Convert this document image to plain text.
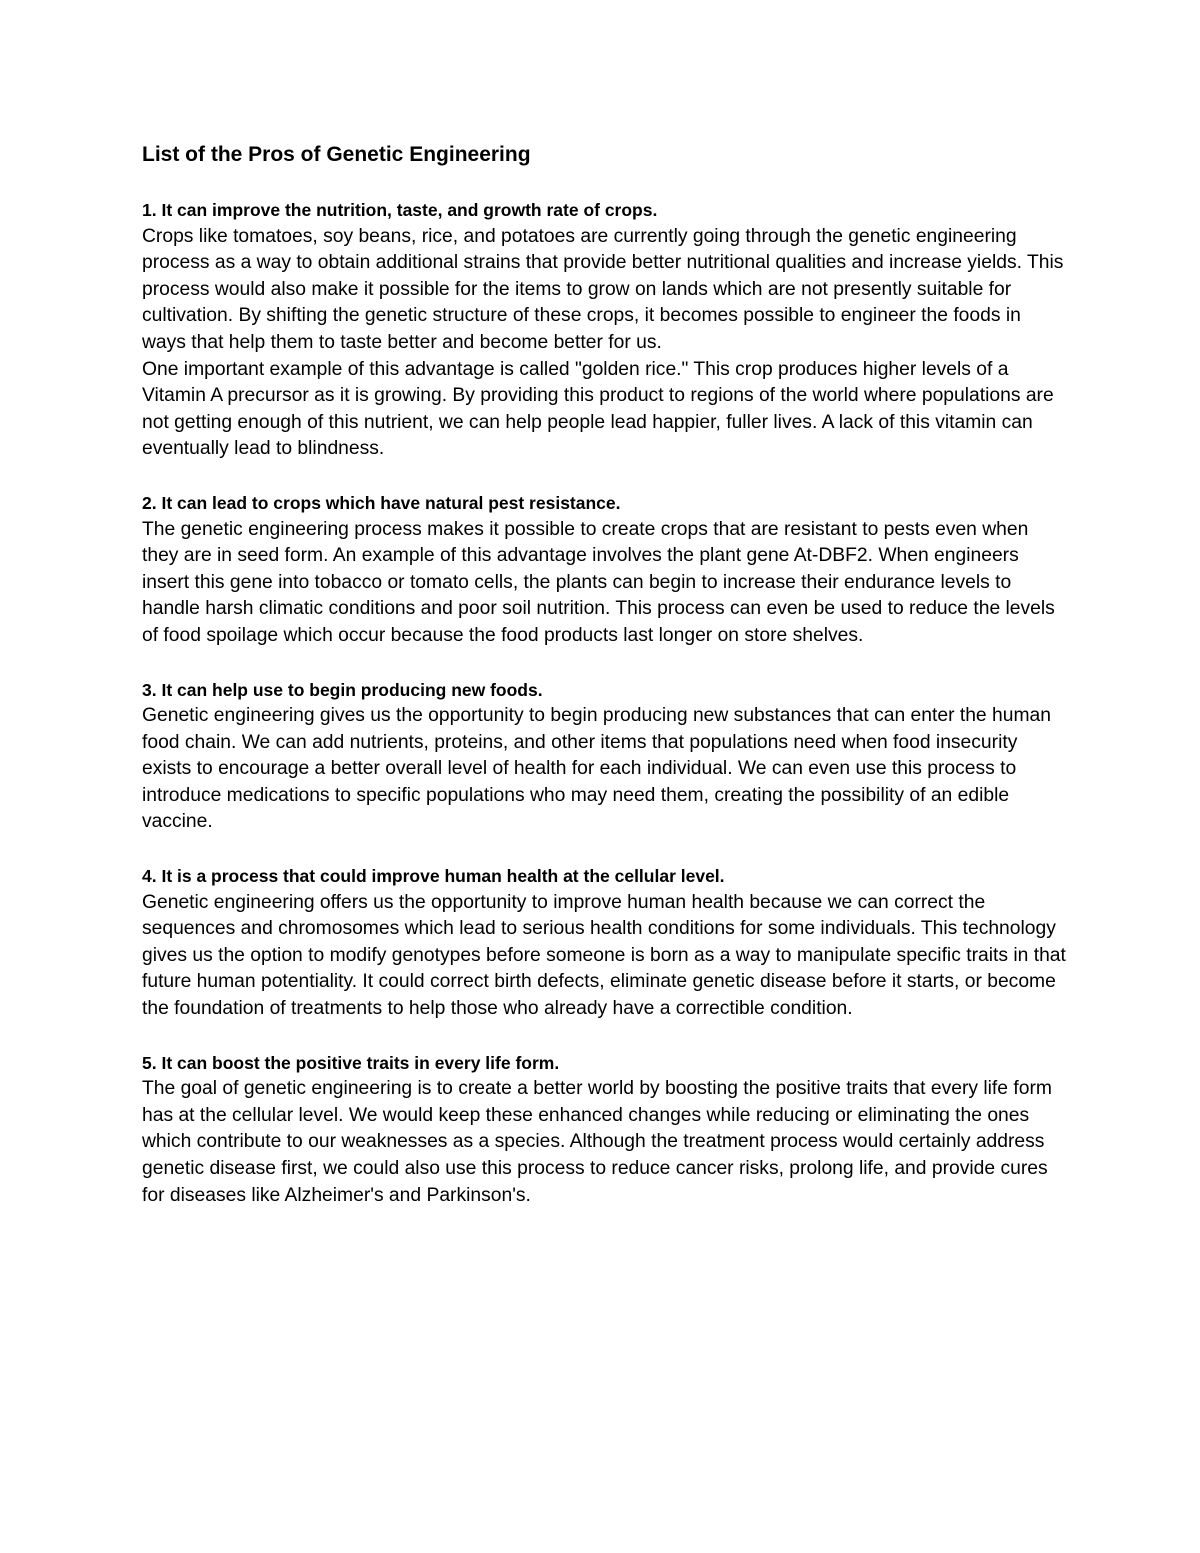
List of the Pros of Genetic Engineering
1. It can improve the nutrition, taste, and growth rate of crops.

Crops like tomatoes, soy beans, rice, and potatoes are currently going through the genetic engineering process as a way to obtain additional strains that provide better nutritional qualities and increase yields. This process would also make it possible for the items to grow on lands which are not presently suitable for cultivation. By shifting the genetic structure of these crops, it becomes possible to engineer the foods in ways that help them to taste better and become better for us.

One important example of this advantage is called "golden rice." This crop produces higher levels of a Vitamin A precursor as it is growing. By providing this product to regions of the world where populations are not getting enough of this nutrient, we can help people lead happier, fuller lives. A lack of this vitamin can eventually lead to blindness.

2. It can lead to crops which have natural pest resistance.

The genetic engineering process makes it possible to create crops that are resistant to pests even when they are in seed form. An example of this advantage involves the plant gene At-DBF2. When engineers insert this gene into tobacco or tomato cells, the plants can begin to increase their endurance levels to handle harsh climatic conditions and poor soil nutrition. This process can even be used to reduce the levels of food spoilage which occur because the food products last longer on store shelves.

3. It can help use to begin producing new foods.

Genetic engineering gives us the opportunity to begin producing new substances that can enter the human food chain. We can add nutrients, proteins, and other items that populations need when food insecurity exists to encourage a better overall level of health for each individual. We can even use this process to introduce medications to specific populations who may need them, creating the possibility of an edible vaccine.

4. It is a process that could improve human health at the cellular level.

Genetic engineering offers us the opportunity to improve human health because we can correct the sequences and chromosomes which lead to serious health conditions for some individuals. This technology gives us the option to modify genotypes before someone is born as a way to manipulate specific traits in that future human potentiality. It could correct birth defects, eliminate genetic disease before it starts, or become the foundation of treatments to help those who already have a correctible condition.

5. It can boost the positive traits in every life form.

The goal of genetic engineering is to create a better world by boosting the positive traits that every life form has at the cellular level. We would keep these enhanced changes while reducing or eliminating the ones which contribute to our weaknesses as a species. Although the treatment process would certainly address genetic disease first, we could also use this process to reduce cancer risks, prolong life, and provide cures for diseases like Alzheimer's and Parkinson's.
